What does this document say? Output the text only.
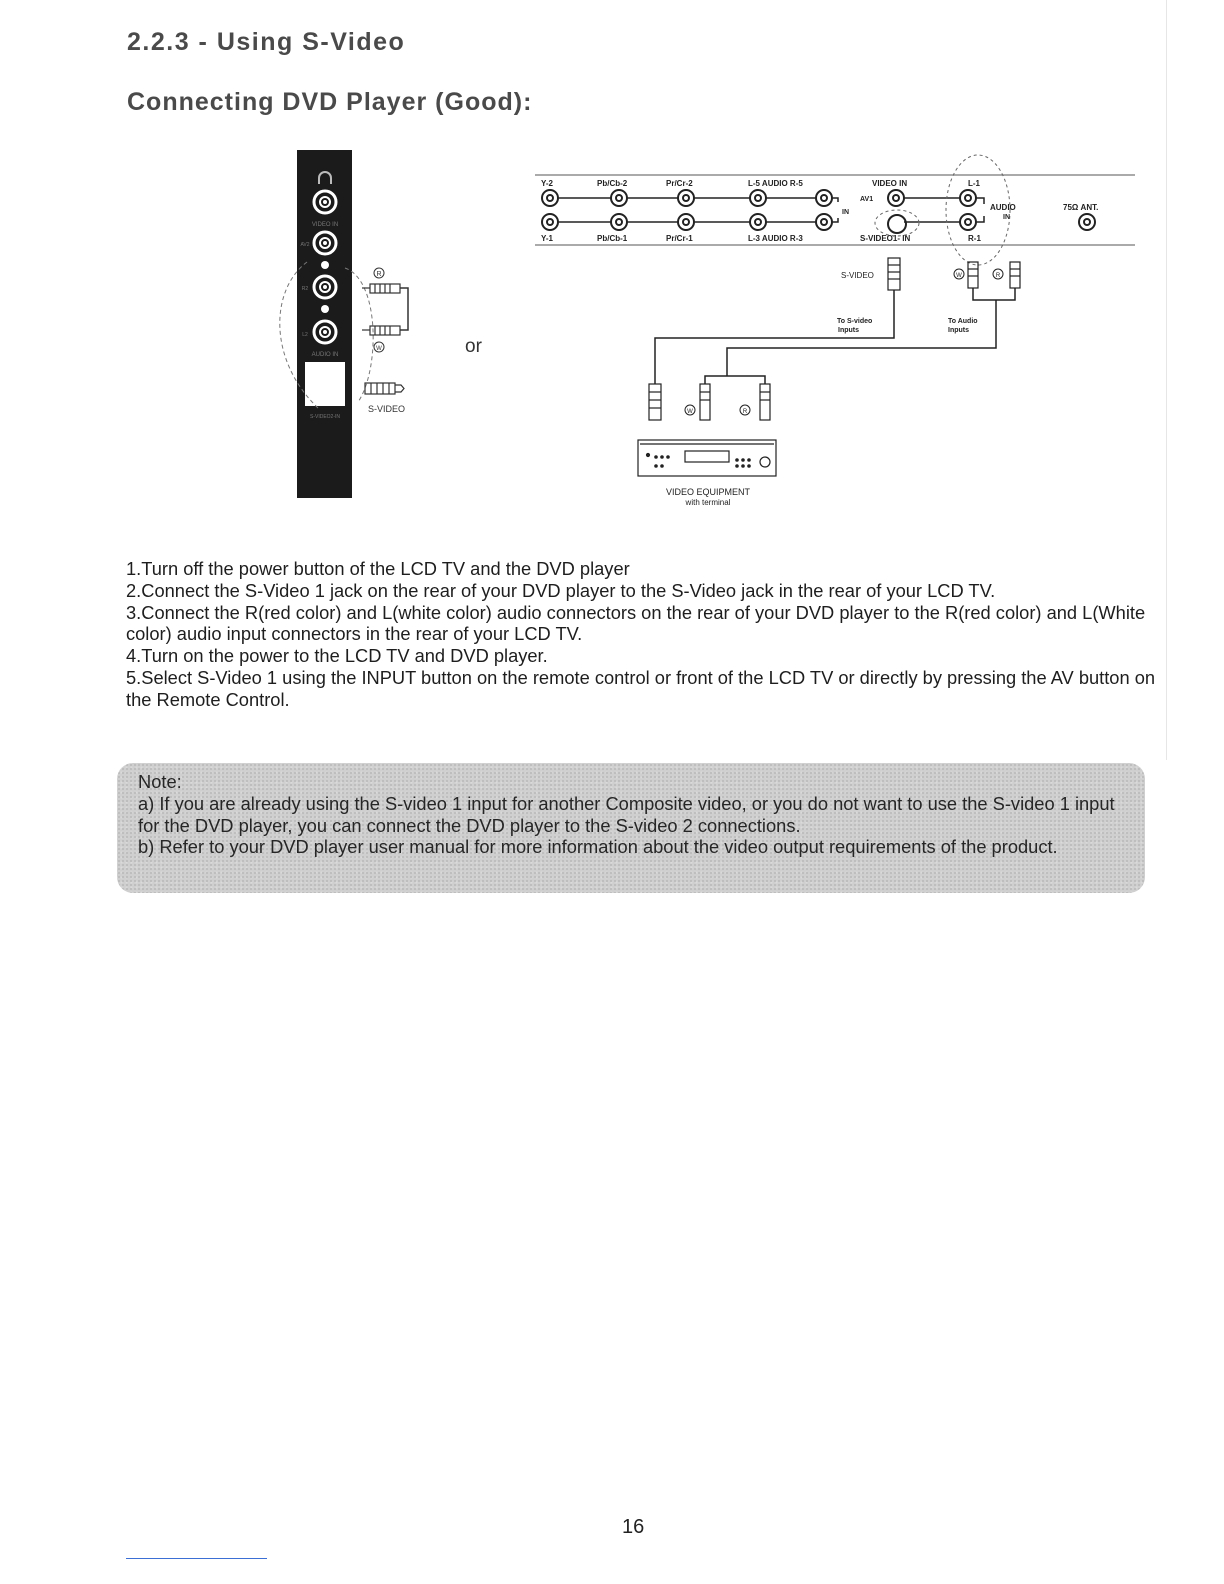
2.2.3 - Using S-Video
Connecting DVD Player (Good):
VIDEO IN
AV2
R2
L2
AUDIO IN
S-VIDEO2-IN
R
W
S-VIDEO
Y-2	Pb/Cb-2	Pr/Cr-2	L-5 AUDIO R-5	VIDEO IN	L-1
Y-1	Pb/Cb-1	Pr/Cr-1	L-3 AUDIO R-3	S-VIDEO1- IN	R-1
AV1
IN
AUDIO
IN
75Ω ANT.
S-VIDEO	W	R
To S-video
Inputs
To Audio
Inputs
W	R
VIDEO EQUIPMENT
with terminal
or
1.Turn off the power button of the LCD TV and the DVD player
2.Connect the S-Video 1 jack on the rear of your DVD player to the S-Video jack in the rear of your LCD TV.
3.Connect the R(red color) and L(white color) audio connectors on the rear of your DVD player to the R(red color) and L(White color) audio input connectors in the rear of your LCD TV.
4.Turn on the power to the LCD TV and DVD player.
5.Select S-Video 1 using the INPUT button on the remote control or front of the LCD TV or directly by pressing the AV button on the Remote Control.

Note:

a) If you are already using the S-video 1 input for another Composite video, or you do not want to use the S-video 1 input for the DVD player, you can connect the DVD player to the S-video 2 connections.

b) Refer to your DVD player user manual for more information about the video output requirements of the product.

16
